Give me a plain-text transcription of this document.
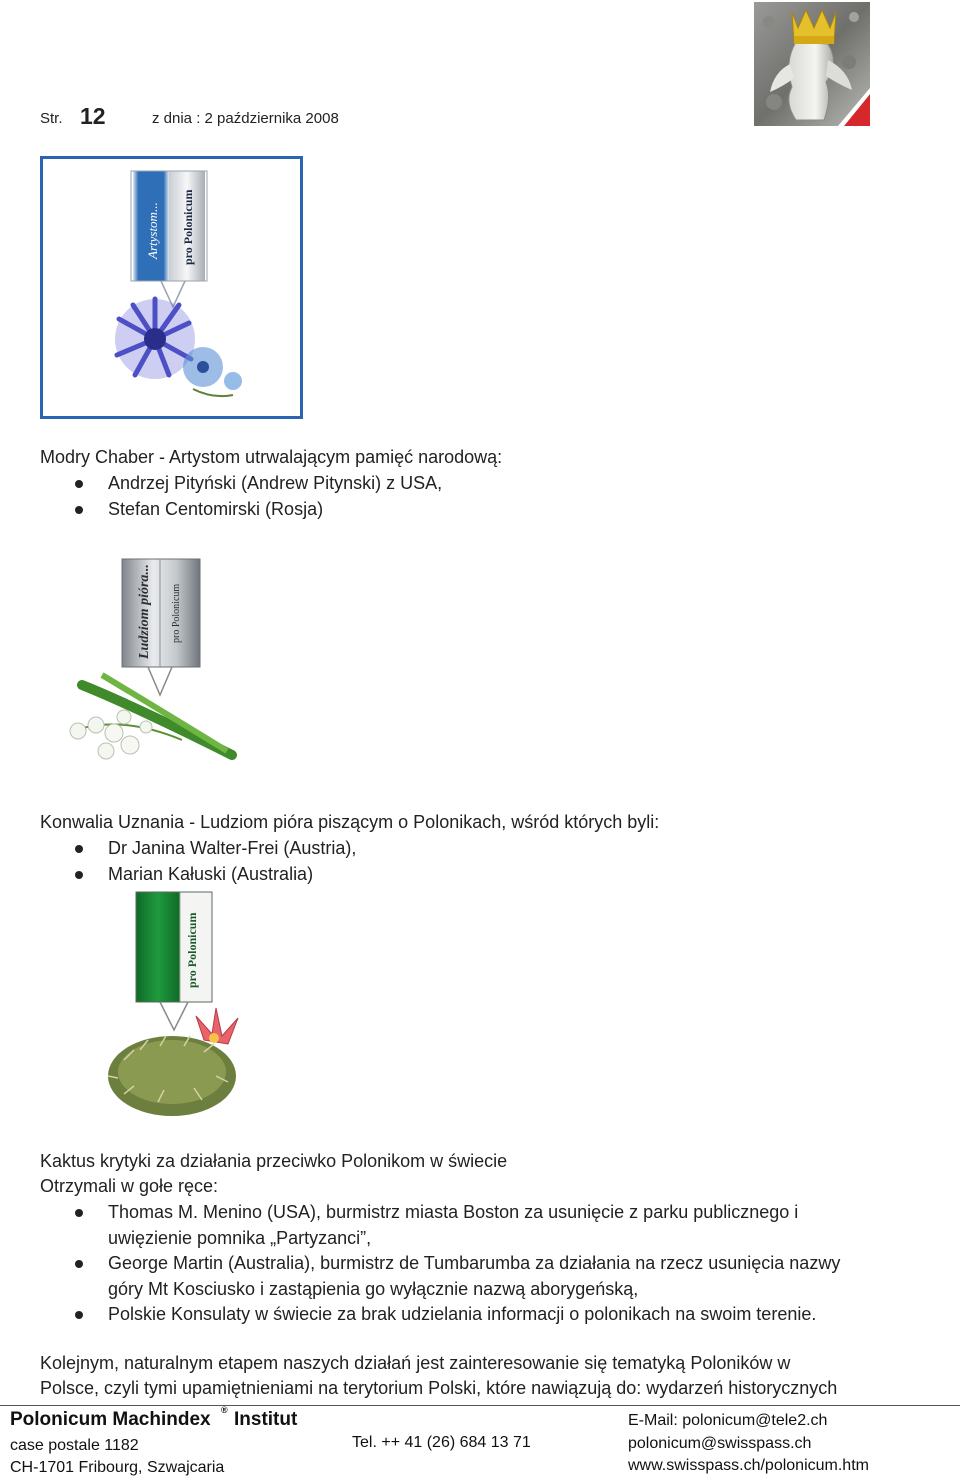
Str. 12	z dnia : 2 października 2008
Artystom... pro Polonicum
Modry Chaber - Artystom utrwalającym pamięć narodową:
Andrzej Pityński (Andrew Pitynski) z USA,
Stefan Centomirski (Rosja)
Ludziom pióra... pro Polonicum
Konwalia Uznania - Ludziom pióra piszącym o Polonikach, wśród których byli:
Dr Janina Walter-Frei (Austria),
Marian Kałuski (Australia)
pro Polonicum
Kaktus krytyki za działania przeciwko Polonikom w świecie
Otrzymali w gołe ręce:
Thomas M. Menino (USA), burmistrz miasta Boston za usunięcie z parku publicznego i
uwięzienie pomnika „Partyzanci”,
George Martin (Australia), burmistrz de Tumbarumba za działania na rzecz usunięcia nazwy
góry Mt Kosciusko i zastąpienia go wyłącznie nazwą aborygeńską,
Polskie Konsulaty w świecie za brak udzielania informacji o polonikach na swoim terenie.
Kolejnym, naturalnym etapem naszych działań jest zainteresowanie się tematyką Poloników w
Polsce, czyli tymi upamiętnieniami na terytorium Polski, które nawiązują do: wydarzeń historycznych
Polonicum Machindex ® Institut
case postale 1182
CH-1701 Fribourg, Szwajcaria
Tel. ++ 41 (26) 684 13 71
E-Mail: polonicum@tele2.ch
polonicum@swisspass.ch
www.swisspass.ch/polonicum.htm
